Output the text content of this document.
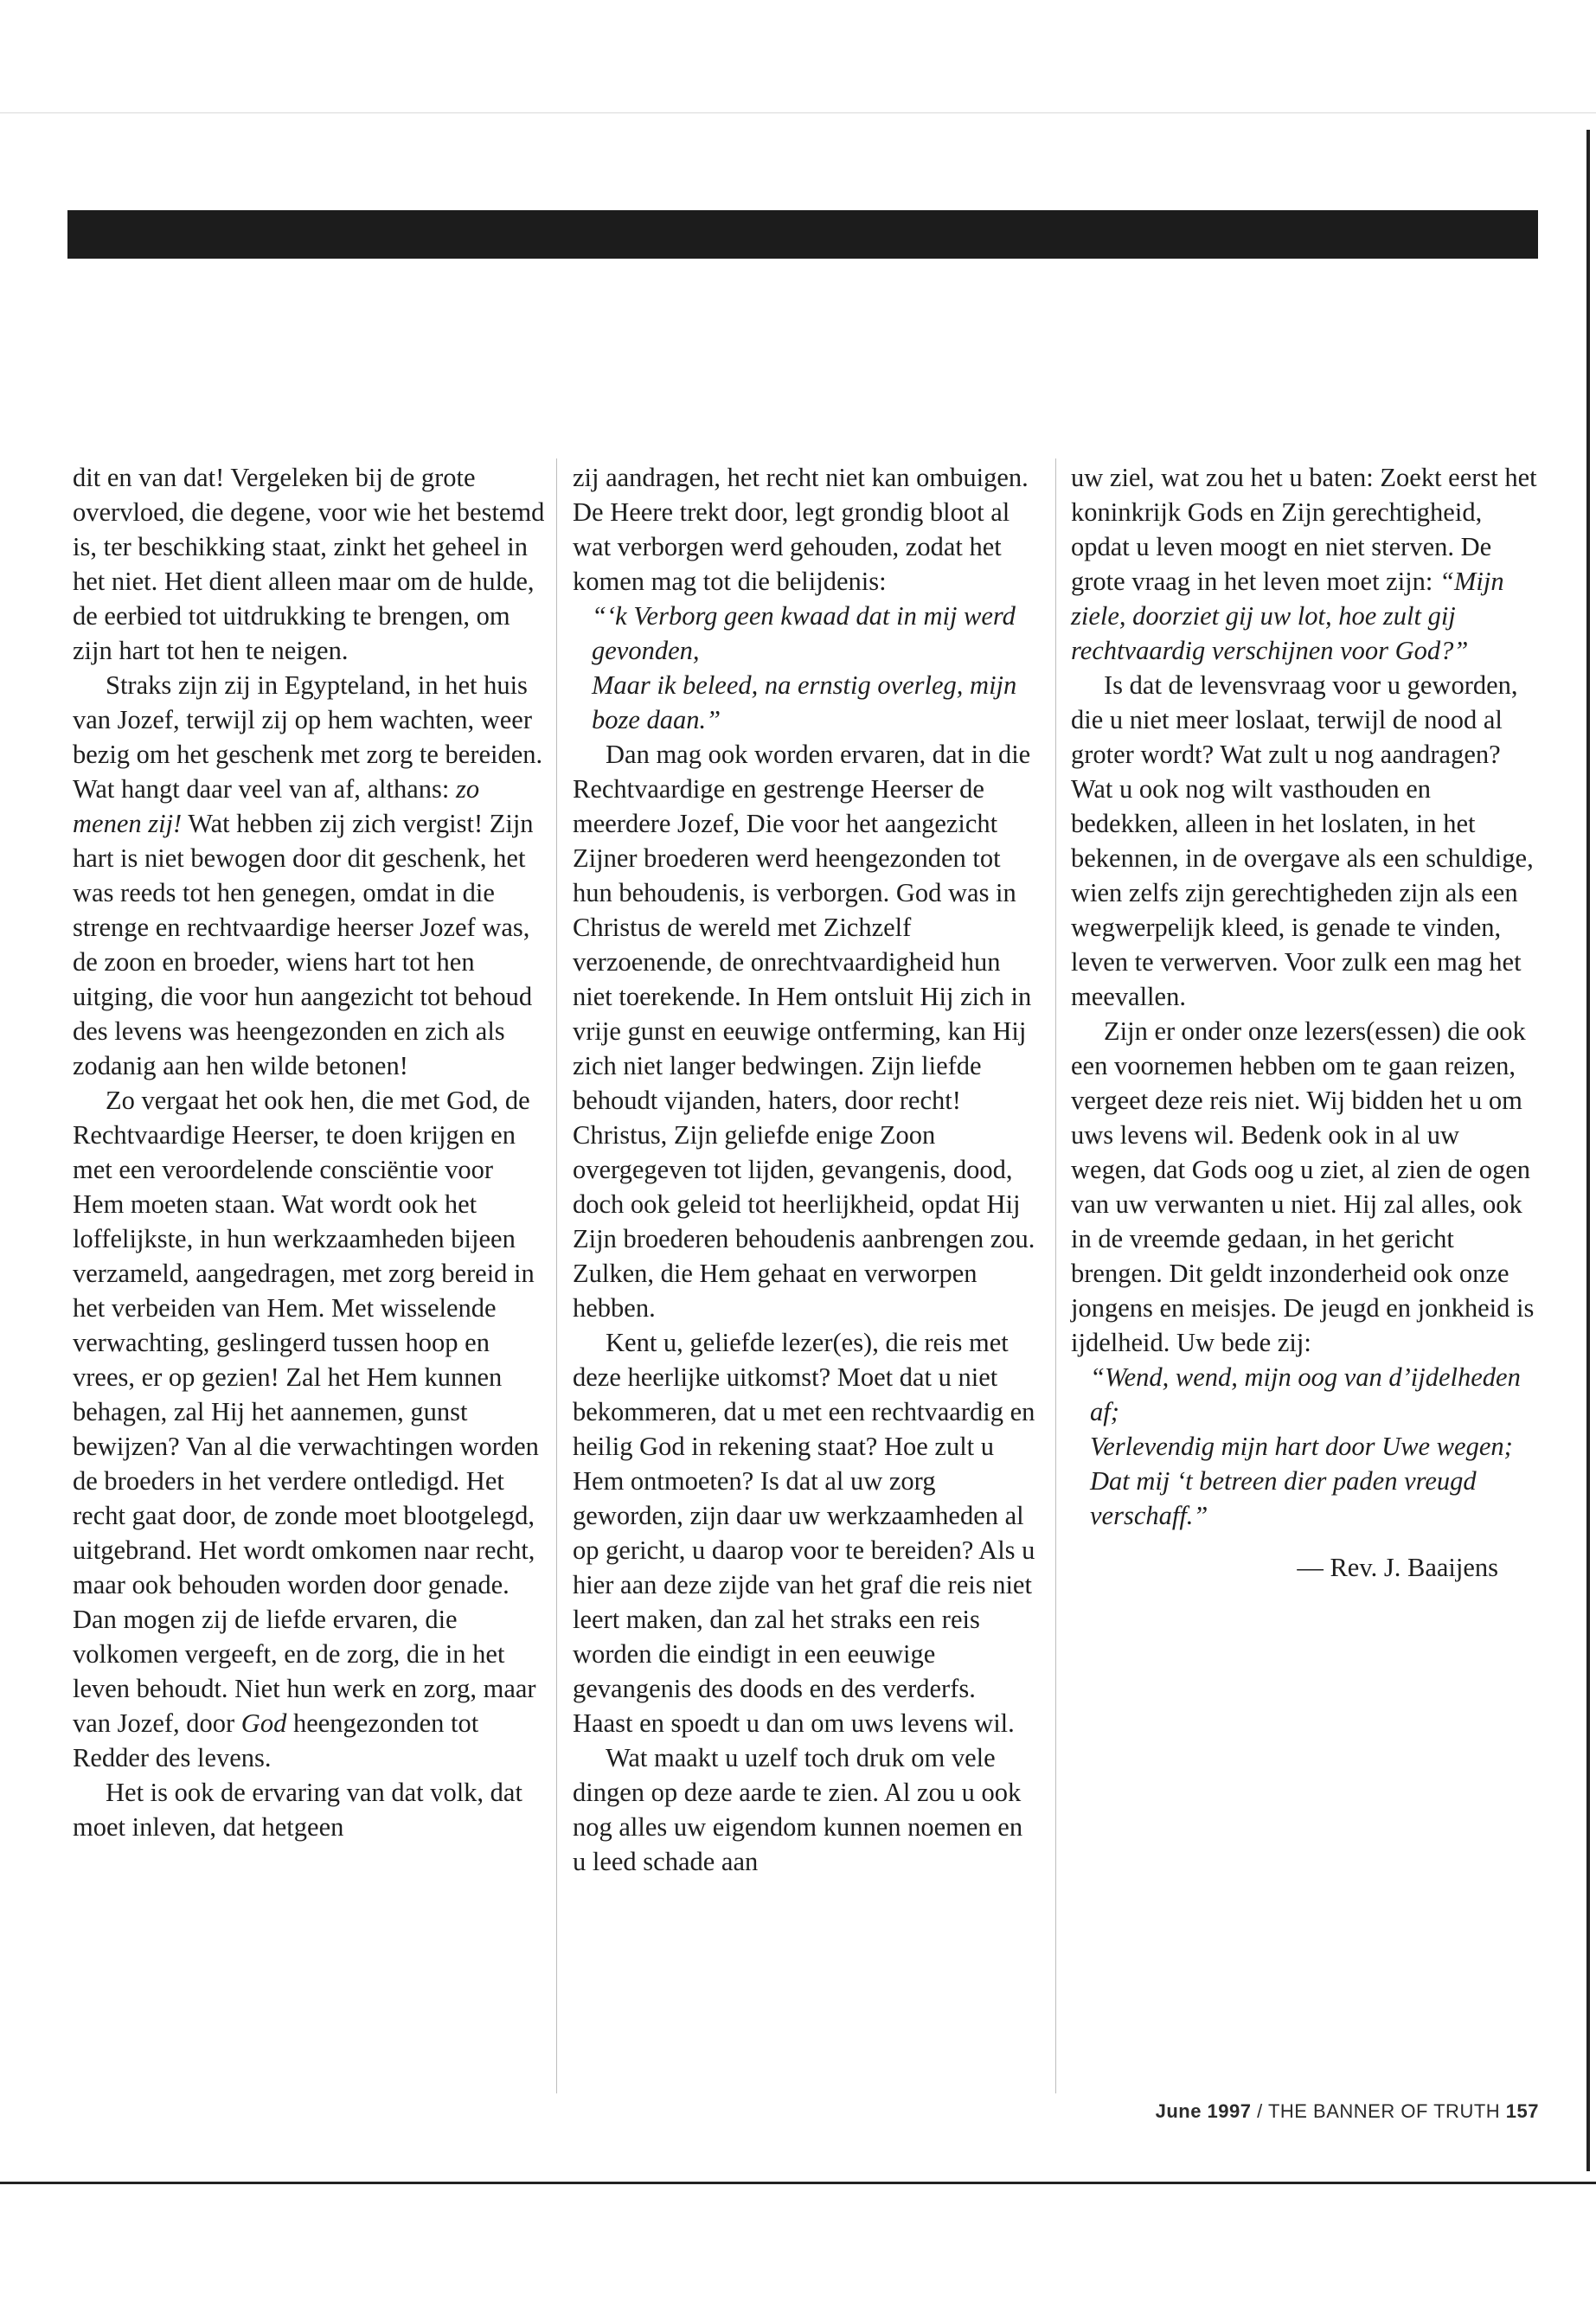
dit en van dat! Vergeleken bij de grote overvloed, die degene, voor wie het bestemd is, ter beschikking staat, zinkt het geheel in het niet. Het dient alleen maar om de hulde, de eerbied tot uitdrukking te brengen, om zijn hart tot hen te neigen.

Straks zijn zij in Egypteland, in het huis van Jozef, terwijl zij op hem wachten, weer bezig om het geschenk met zorg te bereiden. Wat hangt daar veel van af, althans: zo menen zij! Wat hebben zij zich vergist! Zijn hart is niet bewogen door dit geschenk, het was reeds tot hen genegen, omdat in die strenge en rechtvaardige heerser Jozef was, de zoon en broeder, wiens hart tot hen uitging, die voor hun aangezicht tot behoud des levens was heengezonden en zich als zodanig aan hen wilde betonen!

Zo vergaat het ook hen, die met God, de Rechtvaardige Heerser, te doen krijgen en met een veroordelende consciëntie voor Hem moeten staan. Wat wordt ook het loffelijkste, in hun werkzaamheden bijeen verzameld, aangedragen, met zorg bereid in het verbeiden van Hem. Met wisselende verwachting, geslingerd tussen hoop en vrees, er op gezien! Zal het Hem kunnen behagen, zal Hij het aannemen, gunst bewijzen? Van al die verwachtingen worden de broeders in het verdere ontledigd. Het recht gaat door, de zonde moet blootgelegd, uitgebrand. Het wordt omkomen naar recht, maar ook behouden worden door genade. Dan mogen zij de liefde ervaren, die volkomen vergeeft, en de zorg, die in het leven behoudt. Niet hun werk en zorg, maar van Jozef, door God heengezonden tot Redder des levens.

Het is ook de ervaring van dat volk, dat moet inleven, dat hetgeen

zij aandragen, het recht niet kan ombuigen. De Heere trekt door, legt grondig bloot al wat verborgen werd gehouden, zodat het komen mag tot die belijdenis:

“‘k Verborg geen kwaad dat in mij werd gevonden,

Maar ik beleed, na ernstig overleg, mijn boze daan.”

Dan mag ook worden ervaren, dat in die Rechtvaardige en gestrenge Heerser de meerdere Jozef, Die voor het aangezicht Zijner broederen werd heengezonden tot hun behoudenis, is verborgen. God was in Christus de wereld met Zichzelf verzoenende, de onrechtvaardigheid hun niet toerekende. In Hem ontsluit Hij zich in vrije gunst en eeuwige ontferming, kan Hij zich niet langer bedwingen. Zijn liefde behoudt vijanden, haters, door recht! Christus, Zijn geliefde enige Zoon overgegeven tot lijden, gevangenis, dood, doch ook geleid tot heerlijkheid, opdat Hij Zijn broederen behoudenis aanbrengen zou. Zulken, die Hem gehaat en verworpen hebben.

Kent u, geliefde lezer(es), die reis met deze heerlijke uitkomst? Moet dat u niet bekommeren, dat u met een rechtvaardig en heilig God in rekening staat? Hoe zult u Hem ontmoeten? Is dat al uw zorg geworden, zijn daar uw werkzaamheden al op gericht, u daarop voor te bereiden? Als u hier aan deze zijde van het graf die reis niet leert maken, dan zal het straks een reis worden die eindigt in een eeuwige gevangenis des doods en des verderfs. Haast en spoedt u dan om uws levens wil.

Wat maakt u uzelf toch druk om vele dingen op deze aarde te zien. Al zou u ook nog alles uw eigendom kunnen noemen en u leed schade aan

uw ziel, wat zou het u baten: Zoekt eerst het koninkrijk Gods en Zijn gerechtigheid, opdat u leven moogt en niet sterven. De grote vraag in het leven moet zijn: “Mijn ziele, doorziet gij uw lot, hoe zult gij rechtvaardig verschijnen voor God?”

Is dat de levensvraag voor u geworden, die u niet meer loslaat, terwijl de nood al groter wordt? Wat zult u nog aandragen? Wat u ook nog wilt vasthouden en bedekken, alleen in het loslaten, in het bekennen, in de overgave als een schuldige, wien zelfs zijn gerechtigheden zijn als een wegwerpelijk kleed, is genade te vinden, leven te verwerven. Voor zulk een mag het meevallen.

Zijn er onder onze lezers(essen) die ook een voornemen hebben om te gaan reizen, vergeet deze reis niet. Wij bidden het u om uws levens wil. Bedenk ook in al uw wegen, dat Gods oog u ziet, al zien de ogen van uw verwanten u niet. Hij zal alles, ook in de vreemde gedaan, in het gericht brengen. Dit geldt inzonderheid ook onze jongens en meisjes. De jeugd en jonkheid is ijdelheid. Uw bede zij:

“Wend, wend, mijn oog van d’ijdelheden af;

Verlevendig mijn hart door Uwe wegen;

Dat mij ‘t betreen dier paden vreugd verschaff.”

— Rev. J. Baaijens

June 1997 / THE BANNER OF TRUTH 157
